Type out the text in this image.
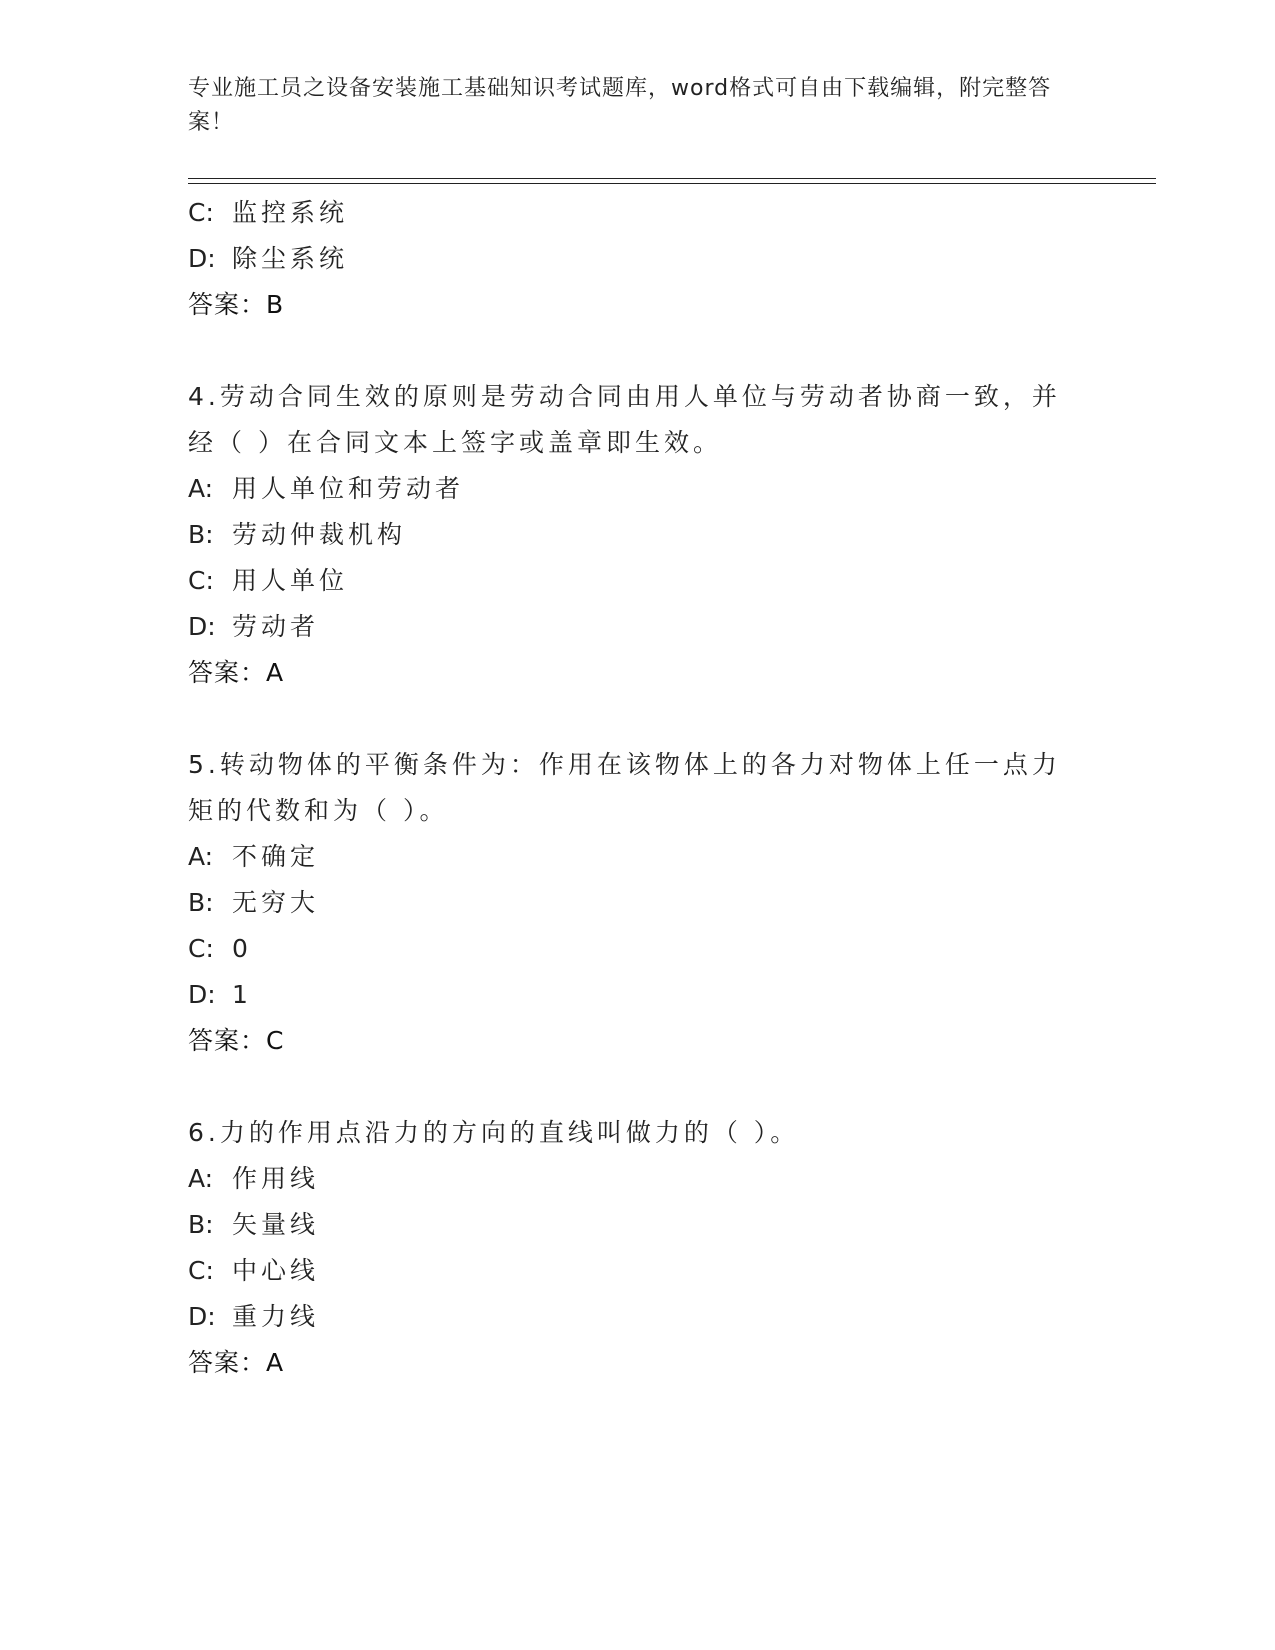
专业施工员之设备安装施工基础知识考试题库，word格式可自由下载编辑，附完整答案！
C: 监控系统
D: 除尘系统
答案：B
4.劳动合同生效的原则是劳动合同由用人单位与劳动者协商一致，并经（ ）在合同文本上签字或盖章即生效。
A: 用人单位和劳动者
B: 劳动仲裁机构
C: 用人单位
D: 劳动者
答案：A
5.转动物体的平衡条件为：作用在该物体上的各力对物体上任一点力矩的代数和为（ ）。
A: 不确定
B: 无穷大
C: 0
D: 1
答案：C
6.力的作用点沿力的方向的直线叫做力的（ ）。
A: 作用线
B: 矢量线
C: 中心线
D: 重力线
答案：A
